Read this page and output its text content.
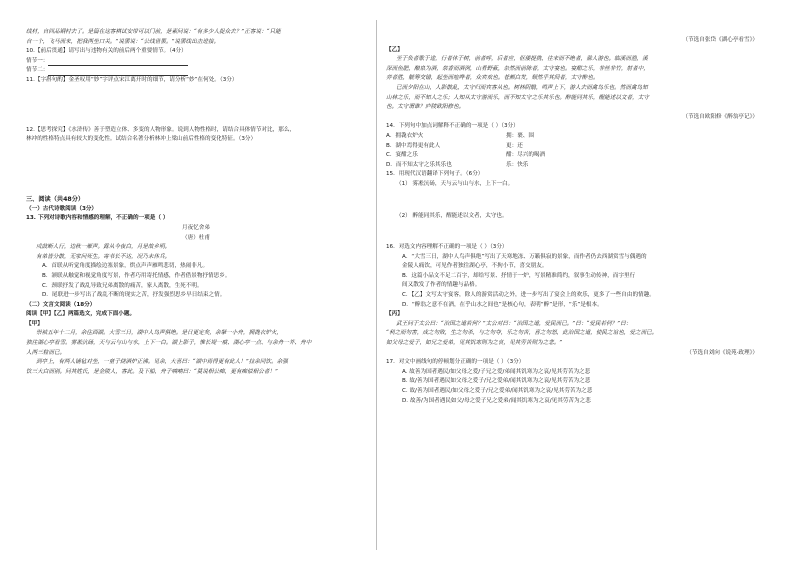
线材，自回品钢村去了。是篇在这客棋试安带可以门前，是素问说：“有多少人捉众去？”正客说：“只能
自一个，飞马而来，把我两坐口关。”说罢说：“公线世罢。”说罢线出击进接。
10.【前后贯通】请写出与违物有关的前后两个重要情节。（4分）
情节一：
情节二：
11.【字斟句酌】金圣叹用“妙”字评点宋江离开时的细节，请分析“妙”在何处。（3分）
12.【思考探究】《水浒传》善于塑造立体、多变的人物形象。说到人物性格时，请结合具体情节对比，那么，
林冲的性格特点具有较大的变化性。试结合名著分析林冲上梁山前后性格的变化特征。（3分）
三、阅读（共48分）
（一）古代诗歌阅读（3分）
13. 下列对诗歌内容和情感的理解，不正确的一项是（ ）
月夜忆舍弟
（唐）杜甫
戍鼓断人行，边秋一雁声。露从今夜白，月是故乡明。
有弟皆分散，无家问死生。寄书长不达，况乃未休兵。
A．首联从听觉角度描绘边塞景象，烘点声声雁鸣悲切，热闹非凡。
B．颔联从触觉和视觉角度写景，作者巧用寄托情感，作者借景物抒情思乡。
C．颈联抒发了战乱导致兄弟离散的痛苦，家人离散，生死不明。
D．尾联进一步写出了战乱不断的现实之苦，抒发强烈思乡早日结束之情。
（二）文言文阅读（18分）
阅读【甲】【乙】两篇选文，完成下面小题。
【甲】
崇祯五年十二月，余住西湖。大雪三日，湖中人鸟声俱绝。是日更定矣，余拏一小舟，拥毳衣炉火，
独往湖心亭看雪。雾凇沆砀，天与云与山与水，上下一白。湖上影子，惟长堤一痕、湖心亭一点、与余舟一芥、舟中
人两三粒而已。
到亭上，有两人铺毡对坐，一童子烧酒炉正沸。见余，大喜曰：“湖中焉得更有此人！”拉余同饮。余强
饮三大白而别。问其姓氏，是金陵人，客此。及下船，舟子喃喃曰：“莫说相公痴，更有痴似相公者！”
（节选自张岱《湖心亭看雪》）
【乙】
至于负者歌于途，行者休于树，前者呼，后者应，伛偻提携，往来而不绝者，滁人游也。临溪而渔，溪
深而鱼肥，酿泉为酒，泉香而酒洌，山肴野蔌，杂然而前陈者，太守宴也。宴酣之乐，非丝非竹，射者中，
弈者胜，觥筹交错，起坐而喧哗者，众宾欢也。苍颜白发，颓然乎其间者，太守醉也。
已而夕阳在山，人影散乱，太守归而宾客从也。树林阴翳，鸣声上下，游人去而禽鸟乐也。然而禽鸟知
山林之乐，而不知人之乐；人知从太守游而乐，而不知太守之乐其乐也。醉能同其乐，醒能述以文者，太守
也。太守谓谁？庐陵欧阳修也。
（节选自欧阳修《醉翁亭记》）
14．下列句中加点词解释不正确的一项是（ ）（3分）
A．拥毳衣炉火	拥：裹、围
B．湖中焉得更有此人	更：还
C．宴酣之乐	酣：尽兴的喝酒
D．而不知太守之乐其乐也	乐：快乐
15．用现代汉语翻译下列句子。（6分）
（1） 雾凇沆砀，天与云与山与水，上下一白。
（2） 醉能同其乐，醒能述以文者，太守也。
16．对选文内容理解不正确的一项是（ ）（3分）
A．“大雪三日，湖中人鸟声俱绝”写出了天寒地冻、万籁俱寂的景象，而作者仍去西湖赏雪与偶遇的
金陵人痛饮，可见作者独往湖心亭，不拘小节，喜交朋友。
B．这篇小品文不足二百字，却给写景、抒情于一炉，写景精准简约，叙事生动传神，而字里行
间又散发了作者的情趣与品格。
C．【乙】文写太守宴客，除人的游赏活动之外，进一步写出了宴会上的欢乐，更多了一些自由的情趣。
D．“醉翁之意不在酒，在乎山水之间也”是核心句，表明“醉”是形，“乐”是根本。
【丙】
武王问于太公曰：“治国之道若何？”太公对曰：“治国之道，爱民而已。”曰：“爱民若何？”曰：
“利之而勿害，成之勿败，生之勿杀，与之勿夺，乐之勿苦，喜之勿怒，此治国之道，使民之谊也，爱之而已。
如父母之爱子，如兄之爱弟，见其饥寒则为之哀，见其劳苦则为之悲。”
（节选自刘向《说苑·政理》）
17．对文中画线句的停顿划分正确的一项是（ ）（3分）
A. 故善为国者遇民/如父母之爱/子兄之爱/弟闻其饥寒为之哀/见其劳苦为之悲
B. 故/善为国者遇民如父母之爱子/兄之爱弟/闻其饥寒为之哀/见其劳苦为之悲
C. 故/善为国者遇民/如父母之爱子/兄之爱弟/闻其饥寒为之哀/见其劳苦为之悲
D. 故善/为国者遇民如父/母之爱子兄之爱弟/闻其饥寒为之哀/见其劳苦为之悲
